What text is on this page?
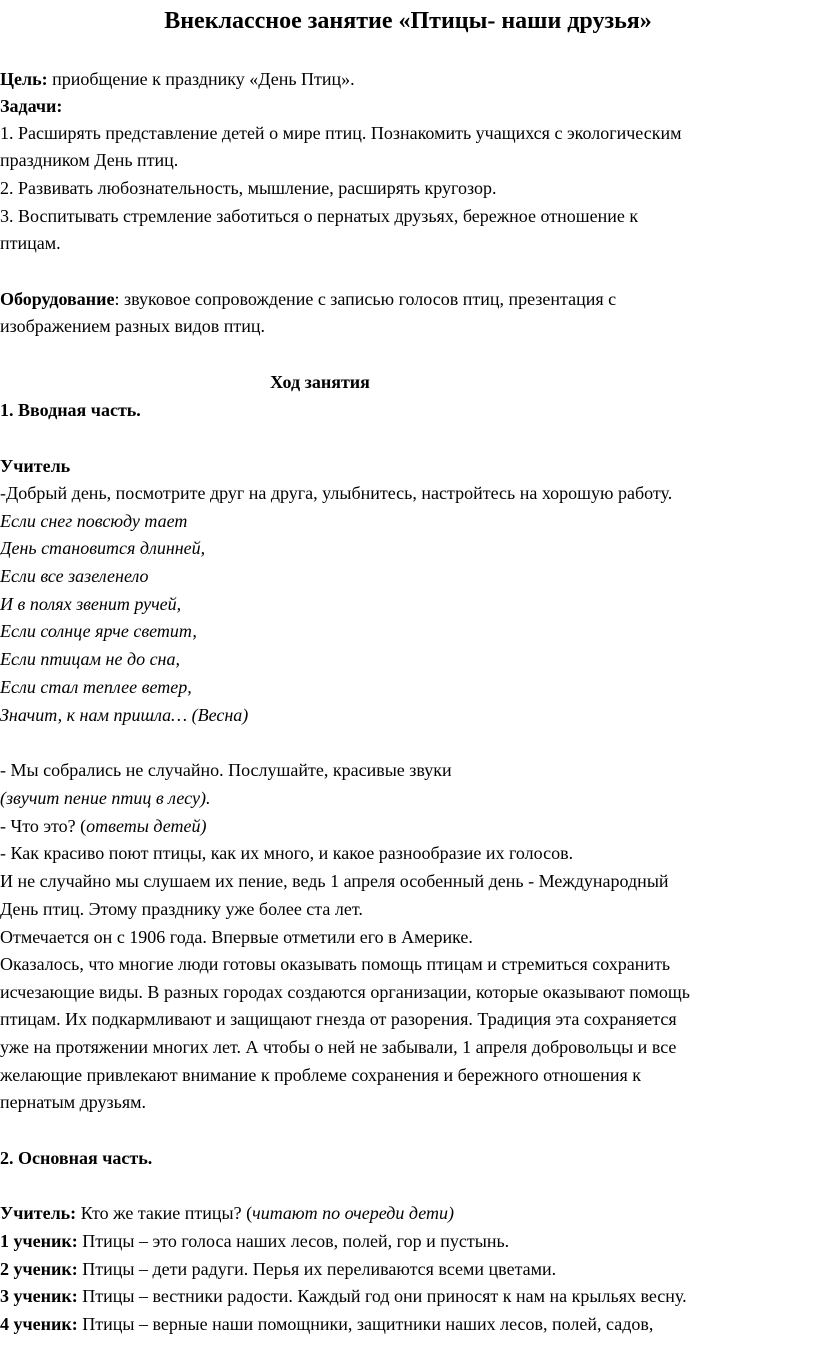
Внеклассное занятие «Птицы- наши друзья»
Цель: приобщение к празднику «День Птиц».
Задачи:
1. Расширять представление детей о мире птиц. Познакомить учащихся с экологическим
праздником День птиц.
2. Развивать любознательность, мышление, расширять кругозор.
3. Воспитывать стремление заботиться о пернатых друзьях, бережное отношение к
птицам.
Оборудование: звуковое сопровождение с записью голосов птиц, презентация с
изображением разных видов птиц.
Ход занятия
1. Вводная часть.
Учитель
-Добрый день, посмотрите друг на друга, улыбнитесь, настройтесь на хорошую работу.
Если снег повсюду тает
День становится длинней,
Если все зазеленело
И в полях звенит ручей,
Если солнце ярче светит,
Если птицам не до сна,
Если стал теплее ветер,
Значит, к нам пришла… (Весна)
- Мы собрались не случайно. Послушайте, красивые звуки
(звучит пение птиц в лесу).
- Что это? (ответы детей)
- Как красиво поют птицы, как их много, и какое разнообразие их голосов.
И не случайно мы слушаем их пение, ведь 1 апреля особенный день - Международный
День птиц. Этому празднику уже более ста лет.
Отмечается он с 1906 года. Впервые отметили его в Америке.
Оказалось, что многие люди готовы оказывать помощь птицам и стремиться сохранить
исчезающие виды. В разных городах создаются организации, которые оказывают помощь
птицам. Их подкармливают и защищают гнезда от разорения. Традиция эта сохраняется
уже на протяжении многих лет. А чтобы о ней не забывали, 1 апреля добровольцы и все
желающие привлекают внимание к проблеме сохранения и бережного отношения к
пернатым друзьям.
2. Основная часть.
Учитель: Кто же такие птицы? (читают по очереди дети)
1 ученик: Птицы – это голоса наших лесов, полей, гор и пустынь.
2 ученик: Птицы – дети радуги. Перья их переливаются всеми цветами.
3 ученик: Птицы – вестники радости. Каждый год они приносят к нам на крыльях весну.
4 ученик: Птицы – верные наши помощники, защитники наших лесов, полей, садов,
